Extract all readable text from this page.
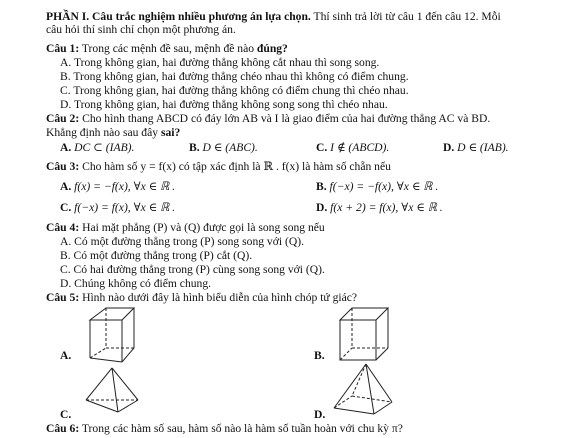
PHẦN I. Câu trắc nghiệm nhiều phương án lựa chọn. Thí sinh trả lời từ câu 1 đến câu 12. Mỗi
câu hỏi thí sinh chỉ chọn một phương án.
Câu 1: Trong các mệnh đề sau, mệnh đề nào đúng?
A. Trong không gian, hai đường thẳng không cắt nhau thì song song.
B. Trong không gian, hai đường thẳng chéo nhau thì không có điểm chung.
C. Trong không gian, hai đường thẳng không có điểm chung thì chéo nhau.
D. Trong không gian, hai đường thẳng không song song thì chéo nhau.
Câu 2: Cho hình thang ABCD có đáy lớn AB và I là giao điểm của hai đường thẳng AC và BD.
Khẳng định nào sau đây sai?
A. DC ⊂ (IAB).	B. D ∈ (ABC).	C. I ∉ (ABCD).	D. D ∈ (IAB).
Câu 3: Cho hàm số y = f(x) có tập xác định là ℝ . f(x) là hàm số chẵn nếu
A. f(x) = −f(x), ∀x ∈ ℝ .	B. f(−x) = −f(x), ∀x ∈ ℝ .
C. f(−x) = f(x), ∀x ∈ ℝ .	D. f(x + 2) = f(x), ∀x ∈ ℝ .
Câu 4: Hai mặt phẳng (P) và (Q) được gọi là song song nếu
A. Có một đường thẳng trong (P) song song với (Q).
B. Có một đường thẳng trong (P) cắt (Q).
C. Có hai đường thẳng trong (P) cùng song song với (Q).
D. Chúng không có điểm chung.
Câu 5: Hình nào dưới đây là hình biểu diễn của hình chóp tứ giác?
A.	B.
C.	D.
Câu 6: Trong các hàm số sau, hàm số nào là hàm số tuần hoàn với chu kỳ π?
